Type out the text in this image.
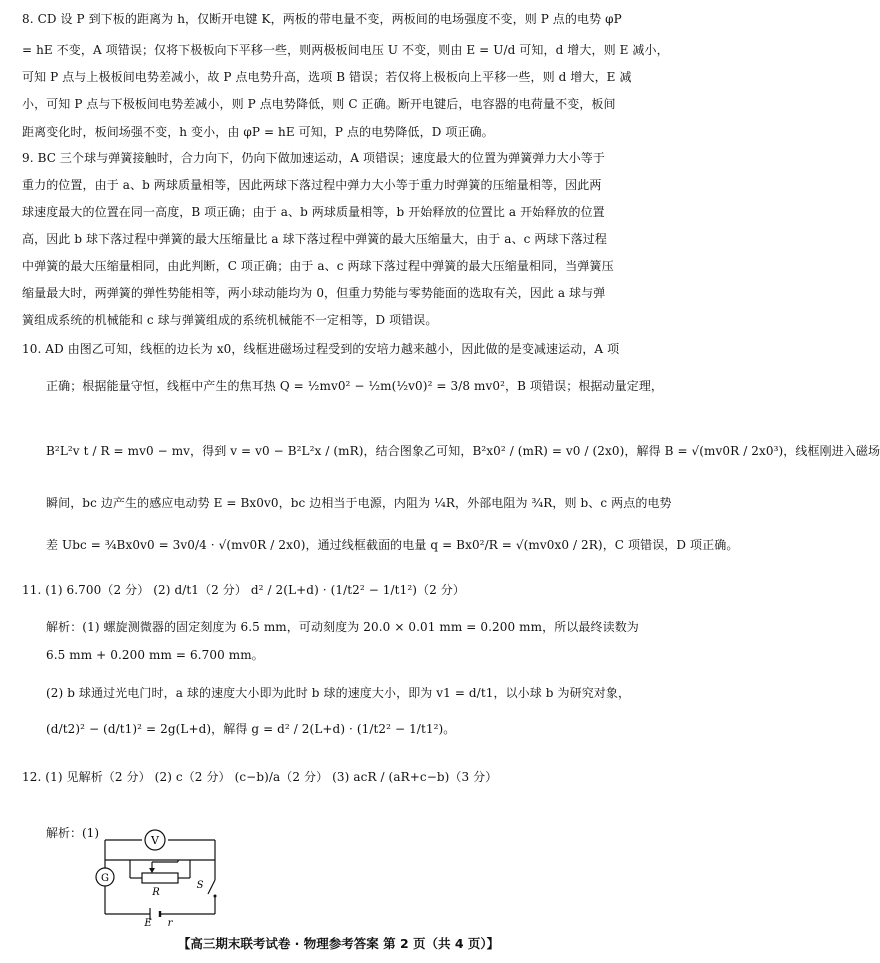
8. CD 设 P 到下板的距离为 h，仅断开电键 K，两板的带电量不变，两板间的电场强度不变，则 P 点的电势 φP
= hE 不变，A 项错误；仅将下极板向下平移一些，则两极板间电压 U 不变，则由 E = U/d 可知，d 增大，则 E 减小，
可知 P 点与上极板间电势差减小，故 P 点电势升高，选项 B 错误；若仅将上极板向上平移一些，则 d 增大，E 减
小，可知 P 点与下极板间电势差减小，则 P 点电势降低，则 C 正确。断开电键后，电容器的电荷量不变，板间
距离变化时，板间场强不变，h 变小，由 φP = hE 可知，P 点的电势降低，D 项正确。
9. BC 三个球与弹簧接触时，合力向下，仍向下做加速运动，A 项错误；速度最大的位置为弹簧弹力大小等于
重力的位置，由于 a、b 两球质量相等，因此两球下落过程中弹力大小等于重力时弹簧的压缩量相等，因此两
球速度最大的位置在同一高度，B 项正确；由于 a、b 两球质量相等，b 开始释放的位置比 a 开始释放的位置
高，因此 b 球下落过程中弹簧的最大压缩量比 a 球下落过程中弹簧的最大压缩量大，由于 a、c 两球下落过程
中弹簧的最大压缩量相同，由此判断，C 项正确；由于 a、c 两球下落过程中弹簧的最大压缩量相同，当弹簧压
缩量最大时，两弹簧的弹性势能相等，两小球动能均为 0，但重力势能与零势能面的选取有关，因此 a 球与弹
簧组成系统的机械能和 c 球与弹簧组成的系统机械能不一定相等，D 项错误。
10. AD 由图乙可知，线框的边长为 x0，线框进磁场过程受到的安培力越来越小，因此做的是变减速运动，A 项
正确；根据能量守恒，线框中产生的焦耳热 Q = ½mv0² − ½m(½v0)² = 3/8 mv0²，B 项错误；根据动量定理，
B²L²v t / R = mv0 − mv，得到 v = v0 − B²L²x / (mR)，结合图象乙可知，B²x0² / (mR) = v0 / (2x0)，解得 B = √(mv0R / 2x0³)，线框刚进入磁场
瞬间，bc 边产生的感应电动势 E = Bx0v0，bc 边相当于电源，内阻为 ¼R，外部电阻为 ¾R，则 b、c 两点的电势
差 Ubc = ¾Bx0v0 = 3v0/4 · √(mv0R / 2x0)，通过线框截面的电量 q = Bx0²/R = √(mv0x0 / 2R)，C 项错误，D 项正确。
11. (1) 6.700（2 分） (2) d/t1（2 分） d² / 2(L+d) · (1/t2² − 1/t1²)（2 分）
解析：(1) 螺旋测微器的固定刻度为 6.5 mm，可动刻度为 20.0 × 0.01 mm = 0.200 mm，所以最终读数为
6.5 mm + 0.200 mm = 6.700 mm。
(2) b 球通过光电门时，a 球的速度大小即为此时 b 球的速度大小，即为 v1 = d/t1，以小球 b 为研究对象，
(d/t2)² − (d/t1)² = 2g(L+d)，解得 g = d² / 2(L+d) · (1/t2² − 1/t1²)。
12. (1) 见解析（2 分） (2) c（2 分） (c−b)/a（2 分） (3) acR / (aR+c−b)（3 分）
解析：(1)
V
R
G
S
E r
【高三期末联考试卷 · 物理参考答案 第 2 页（共 4 页）】
